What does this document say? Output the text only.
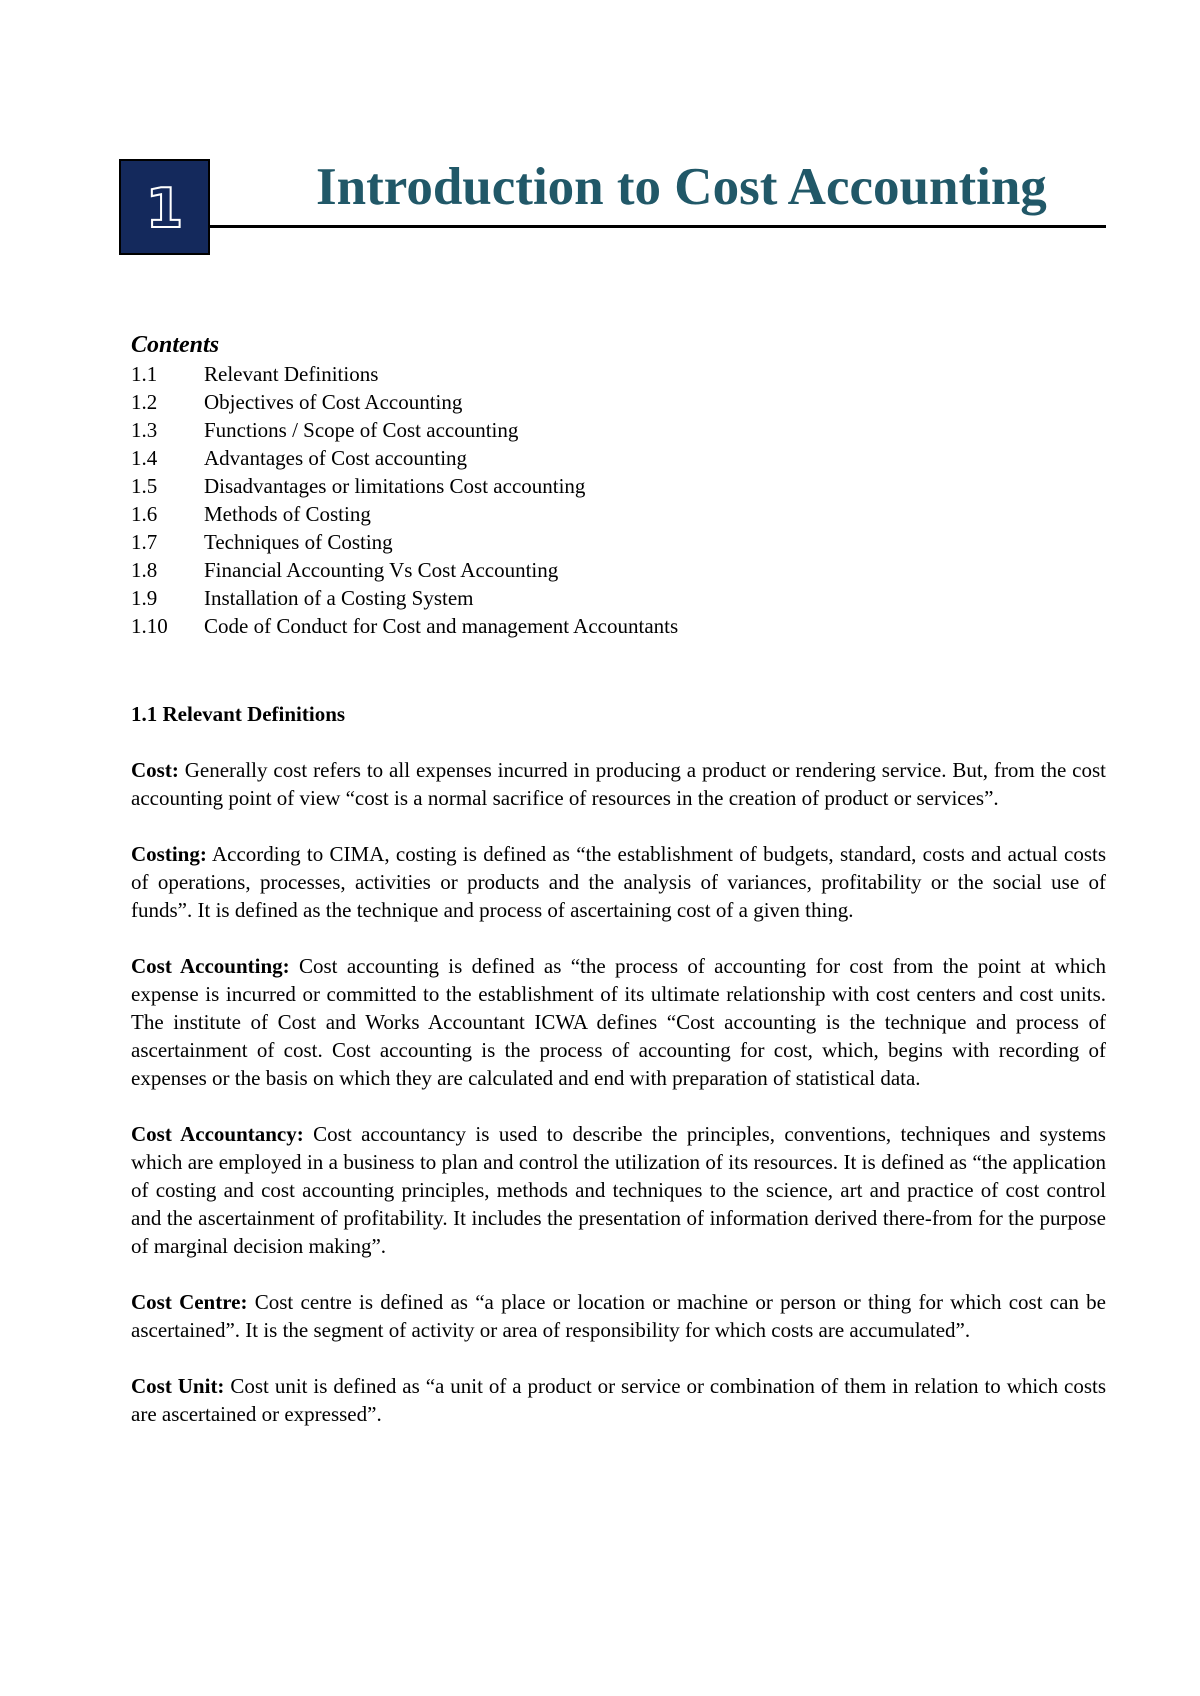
1	Introduction to Cost Accounting

Contents

1.1	Relevant Definitions
1.2	Objectives of Cost Accounting
1.3	Functions / Scope of Cost accounting
1.4	Advantages of Cost accounting
1.5	Disadvantages or limitations Cost accounting
1.6	Methods of Costing
1.7	Techniques of Costing
1.8	Financial Accounting Vs Cost Accounting
1.9	Installation of a Costing System
1.10	Code of Conduct for Cost and management Accountants

1.1 Relevant Definitions

Cost: Generally cost refers to all expenses incurred in producing a product or rendering service. But, from the cost accounting point of view “cost is a normal sacrifice of resources in the creation of product or services”.

Costing: According to CIMA, costing is defined as “the establishment of budgets, standard, costs and actual costs of operations, processes, activities or products and the analysis of variances, profitability or the social use of funds”. It is defined as the technique and process of ascertaining cost of a given thing.

Cost Accounting: Cost accounting is defined as “the process of accounting for cost from the point at which expense is incurred or committed to the establishment of its ultimate relationship with cost centers and cost units. The institute of Cost and Works Accountant ICWA defines “Cost accounting is the technique and process of ascertainment of cost. Cost accounting is the process of accounting for cost, which, begins with recording of expenses or the basis on which they are calculated and end with preparation of statistical data.

Cost Accountancy: Cost accountancy is used to describe the principles, conventions, techniques and systems which are employed in a business to plan and control the utilization of its resources. It is defined as “the application of costing and cost accounting principles, methods and techniques to the science, art and practice of cost control and the ascertainment of profitability. It includes the presentation of information derived there-from for the purpose of marginal decision making”.

Cost Centre: Cost centre is defined as “a place or location or machine or person or thing for which cost can be ascertained”. It is the segment of activity or area of responsibility for which costs are accumulated”.

Cost Unit: Cost unit is defined as “a unit of a product or service or combination of them in relation to which costs are ascertained or expressed”.
